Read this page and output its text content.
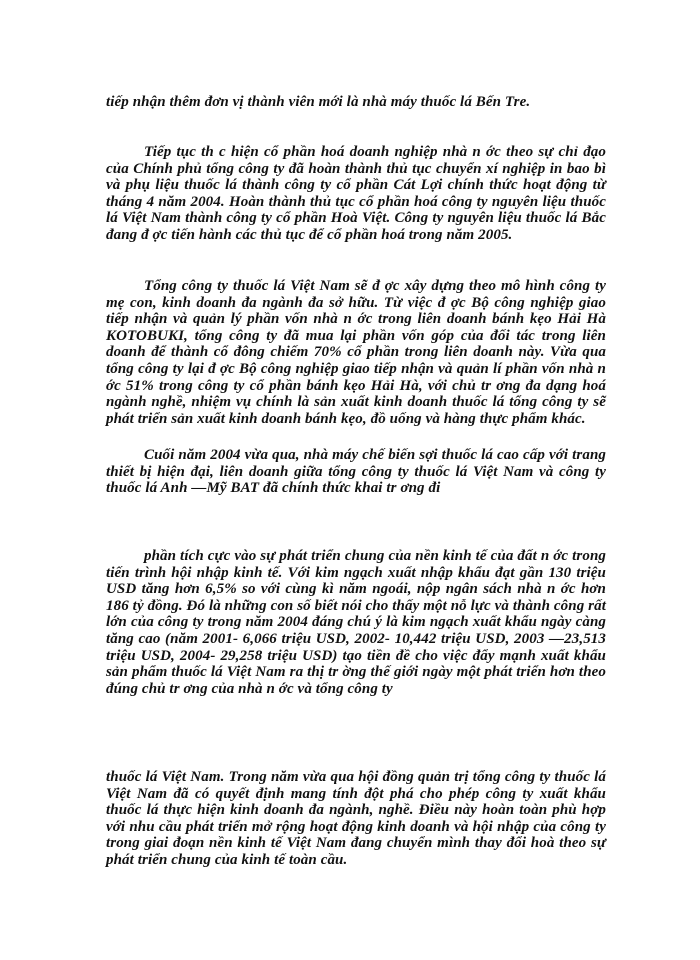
tiếp nhận thêm đơn vị thành viên mới là nhà máy thuốc lá Bến Tre.

Tiếp tục th c hiện cổ phần hoá doanh nghiệp nhà n ớc theo sự chỉ đạo của Chính phủ tổng công ty đã hoàn thành thủ tục chuyển xí nghiệp in bao bì và phụ liệu thuốc lá thành công ty cổ phần Cát Lợi chính thức hoạt động từ tháng 4 năm 2004. Hoàn thành thủ tục cổ phần hoá công ty nguyên liệu thuốc lá Việt Nam thành công ty cổ phần Hoà Việt. Công ty nguyên liệu thuốc lá Bắc đang đ ợc tiến hành các thủ tục để cổ phần hoá trong năm 2005.

Tổng công ty thuốc lá Việt Nam sẽ đ ợc xây dựng theo mô hình công ty mẹ con, kinh doanh đa ngành đa sở hữu. Từ việc đ ợc Bộ công nghiệp giao tiếp nhận và quản lý phần vốn nhà n ớc trong liên doanh bánh kẹo Hải Hà KOTOBUKI, tổng công ty đã mua lại phần vốn góp của đối tác trong liên doanh để thành cổ đông chiếm 70% cổ phần trong liên doanh này. Vừa qua tổng công ty lại đ ợc Bộ công nghiệp giao tiếp nhận và quản lí phần vốn nhà n ớc 51% trong công ty cổ phần bánh kẹo Hải Hà, với chủ tr ơng đa dạng hoá ngành nghề, nhiệm vụ chính là sản xuất kinh doanh thuốc lá tổng công ty sẽ phát triển sản xuất kinh doanh bánh kẹo, đồ uống và hàng thực phẩm khác.

Cuối năm 2004 vừa qua, nhà máy chế biến sợi thuốc lá cao cấp với trang thiết bị hiện đại, liên doanh giữa tổng công ty thuốc lá Việt Nam và công ty thuốc lá Anh —Mỹ BAT đã chính thức khai tr ơng đi

phần tích cực vào sự phát triển chung của nền kinh tế của đất n ớc trong tiến trình hội nhập kinh tế. Với kim ngạch xuất nhập khẩu đạt gần 130 triệu USD tăng hơn 6,5% so với cùng kì năm ngoái, nộp ngân sách nhà n ớc hơn 186 tỷ đồng. Đó là những con số biết nói cho thấy một nỗ lực và thành công rất lớn của công ty trong năm 2004 đáng chú ý là kim ngạch xuất khẩu ngày càng tăng cao (năm 2001- 6,066 triệu USD, 2002- 10,442 triệu USD, 2003 —23,513 triệu USD, 2004- 29,258 triệu USD) tạo tiền đề cho việc đẩy mạnh xuất khẩu sản phẩm thuốc lá Việt Nam ra thị tr ờng thế giới ngày một phát triển hơn theo đúng chủ tr ơng của nhà n ớc và tổng công ty

thuốc lá Việt Nam. Trong năm vừa qua hội đồng quản trị tổng công ty thuốc lá Việt Nam đã có quyết định mang tính đột phá cho phép công ty xuất khẩu thuốc lá thực hiện kinh doanh đa ngành, nghề. Điều này hoàn toàn phù hợp với nhu cầu phát triển mở rộng hoạt động kinh doanh và hội nhập của công ty trong giai đoạn nền kinh tế Việt Nam đang chuyển mình thay đổi hoà theo sự phát triển chung của kinh tế toàn cầu.
